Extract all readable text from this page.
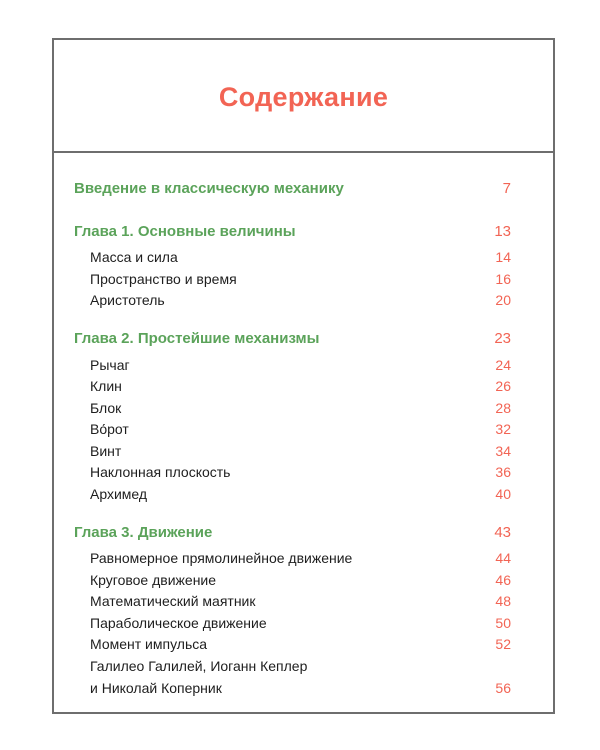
Содержание
Введение в классическую механику	7
Глава 1. Основные величины	13
Масса и сила	14
Пространство и время	16
Аристотель	20
Глава 2. Простейшие механизмы	23
Рычаг	24
Клин	26
Блок	28
Во́рот	32
Винт	34
Наклонная плоскость	36
Архимед	40
Глава 3. Движение	43
Равномерное прямолинейное движение	44
Круговое движение	46
Математический маятник	48
Параболическое движение	50
Момент импульса	52
Галилео Галилей, Иоганн Кеплер
и Николай Коперник	56
